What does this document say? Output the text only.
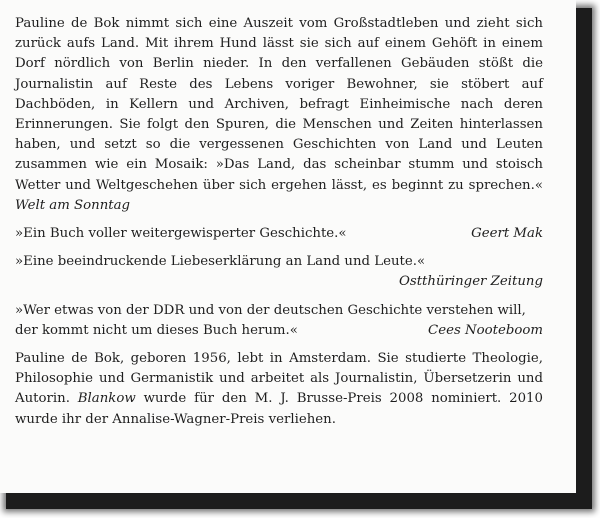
Pauline de Bok nimmt sich eine Auszeit vom Großstadtleben und zieht sich zurück aufs Land. Mit ihrem Hund lässt sie sich auf einem Gehöft in einem Dorf nördlich von Berlin nieder. In den verfallenen Gebäuden stößt die Journalistin auf Reste des Lebens voriger Bewohner, sie stöbert auf Dachböden, in Kellern und Archiven, befragt Einheimische nach deren Erinnerungen. Sie folgt den Spuren, die Menschen und Zeiten hinterlassen haben, und setzt so die vergessenen Geschichten von Land und Leuten zusammen wie ein Mosaik: »Das Land, das scheinbar stumm und stoisch Wetter und Weltgeschehen über sich ergehen lässt, es beginnt zu sprechen.« Welt am Sonntag

»Ein Buch voller weitergewisperter Geschichte.«	Geert Mak

»Eine beeindruckende Liebeserklärung an Land und Leute.«

Ostthüringer Zeitung

»Wer etwas von der DDR und von der deutschen Geschichte verstehen will,

der kommt nicht um dieses Buch herum.«	Cees Nooteboom

Pauline de Bok, geboren 1956, lebt in Amsterdam. Sie studierte Theologie, Philosophie und Germanistik und arbeitet als Journalistin, Übersetzerin und Autorin. Blankow wurde für den M. J. Brusse-Preis 2008 nominiert. 2010 wurde ihr der Annalise-Wagner-Preis verliehen.
